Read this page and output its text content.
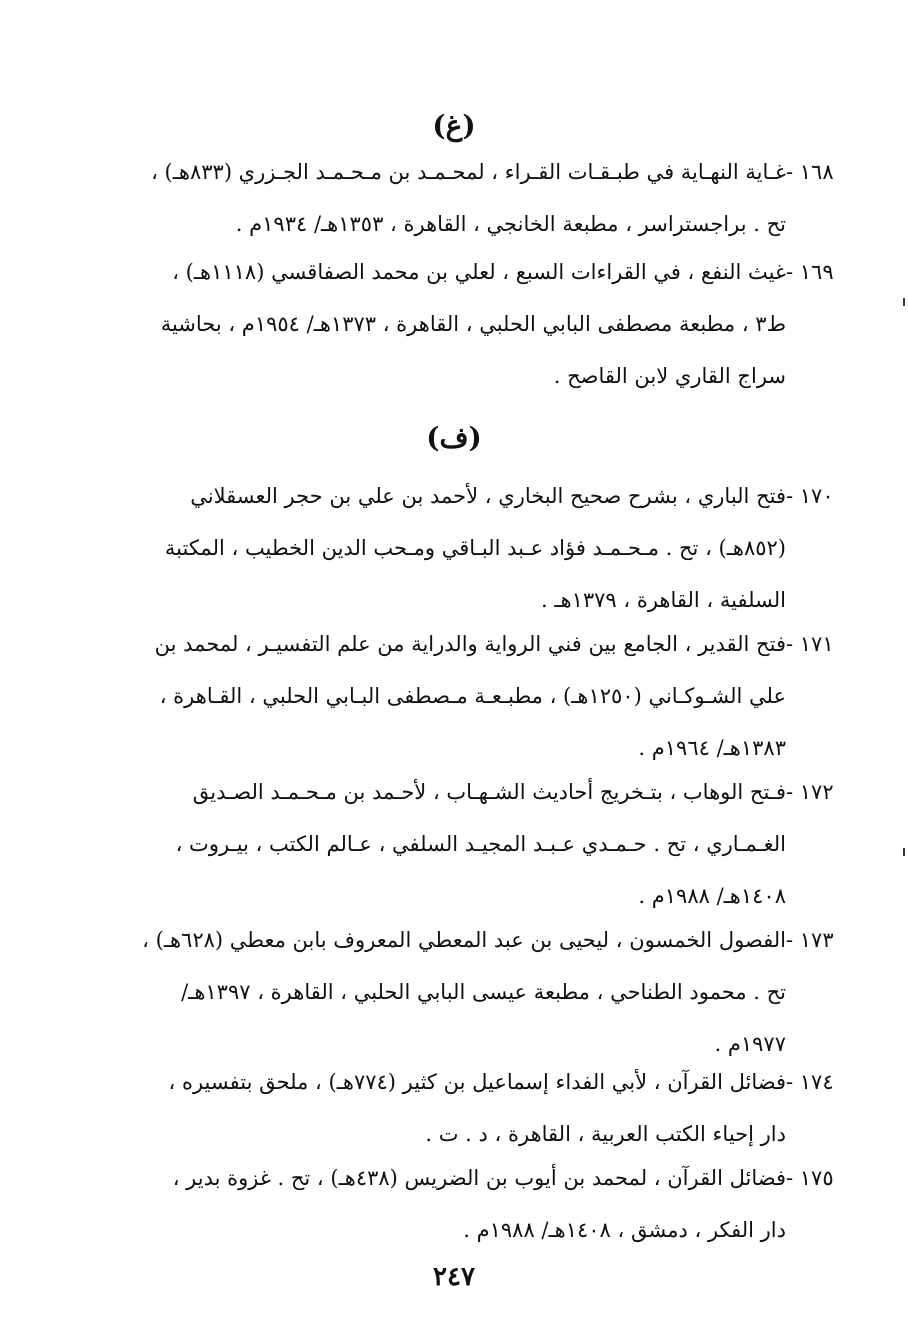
(غ)
١٦٨ -

غـاية النهـاية في طبـقـات القـراء ، لمحـمـد بن مـحـمـد الجـزري (٨٣٣هـ) ،

تح . براجستراسر ، مطبعة الخانجي ، القاهرة ، ١٣٥٣هـ/ ١٩٣٤م .

١٦٩ -

غيث النفع ، في القراءات السبع ، لعلي بن محمد الصفاقسي (١١١٨هـ) ،

ط٣ ، مطبعة مصطفى البابي الحلبي ، القاهرة ، ١٣٧٣هـ/ ١٩٥٤م ، بحاشية

سراج القاري لابن القاصح .

(ف)
١٧٠ -

فتح الباري ، بشرح صحيح البخاري ، لأحمد بن علي بن حجر العسقلاني

(٨٥٢هـ) ، تح . مـحـمـد فؤاد عـبد البـاقي ومـحب الدين الخطيب ، المكتبة

السلفية ، القاهرة ، ١٣٧٩هـ .

١٧١ -

فتح القدير ، الجامع بين فني الرواية والدراية من علم التفسيـر ، لمحمد بن

علي الشـوكـاني (١٢٥٠هـ) ، مطبـعـة مـصطفى البـابي الحلبي ، القـاهرة ،

١٣٨٣هـ/ ١٩٦٤م .

١٧٢ -

فـتح الوهاب ، بتـخريج أحاديث الشـهـاب ، لأحـمد بن مـحـمـد الصـديق

الغـمـاري ، تح . حـمـدي عـبـد المجيـد السلفي ، عـالم الكتب ، بيـروت ،

١٤٠٨هـ/ ١٩٨٨م .

١٧٣ -

الفصول الخمسون ، ليحيى بن عبد المعطي المعروف بابن معطي (٦٢٨هـ) ،

تح . محمود الطناحي ، مطبعة عيسى البابي الحلبي ، القاهرة ، ١٣٩٧هـ/

١٩٧٧م .

١٧٤ -

فضائل القرآن ، لأبي الفداء إسماعيل بن كثير (٧٧٤هـ) ، ملحق بتفسيره ،

دار إحياء الكتب العربية ، القاهرة ، د . ت .

١٧٥ -

فضائل القرآن ، لمحمد بن أيوب بن الضريس (٤٣٨هـ) ، تح . غزوة بدير ،

دار الفكر ، دمشق ، ١٤٠٨هـ/ ١٩٨٨م .

٢٤٧
